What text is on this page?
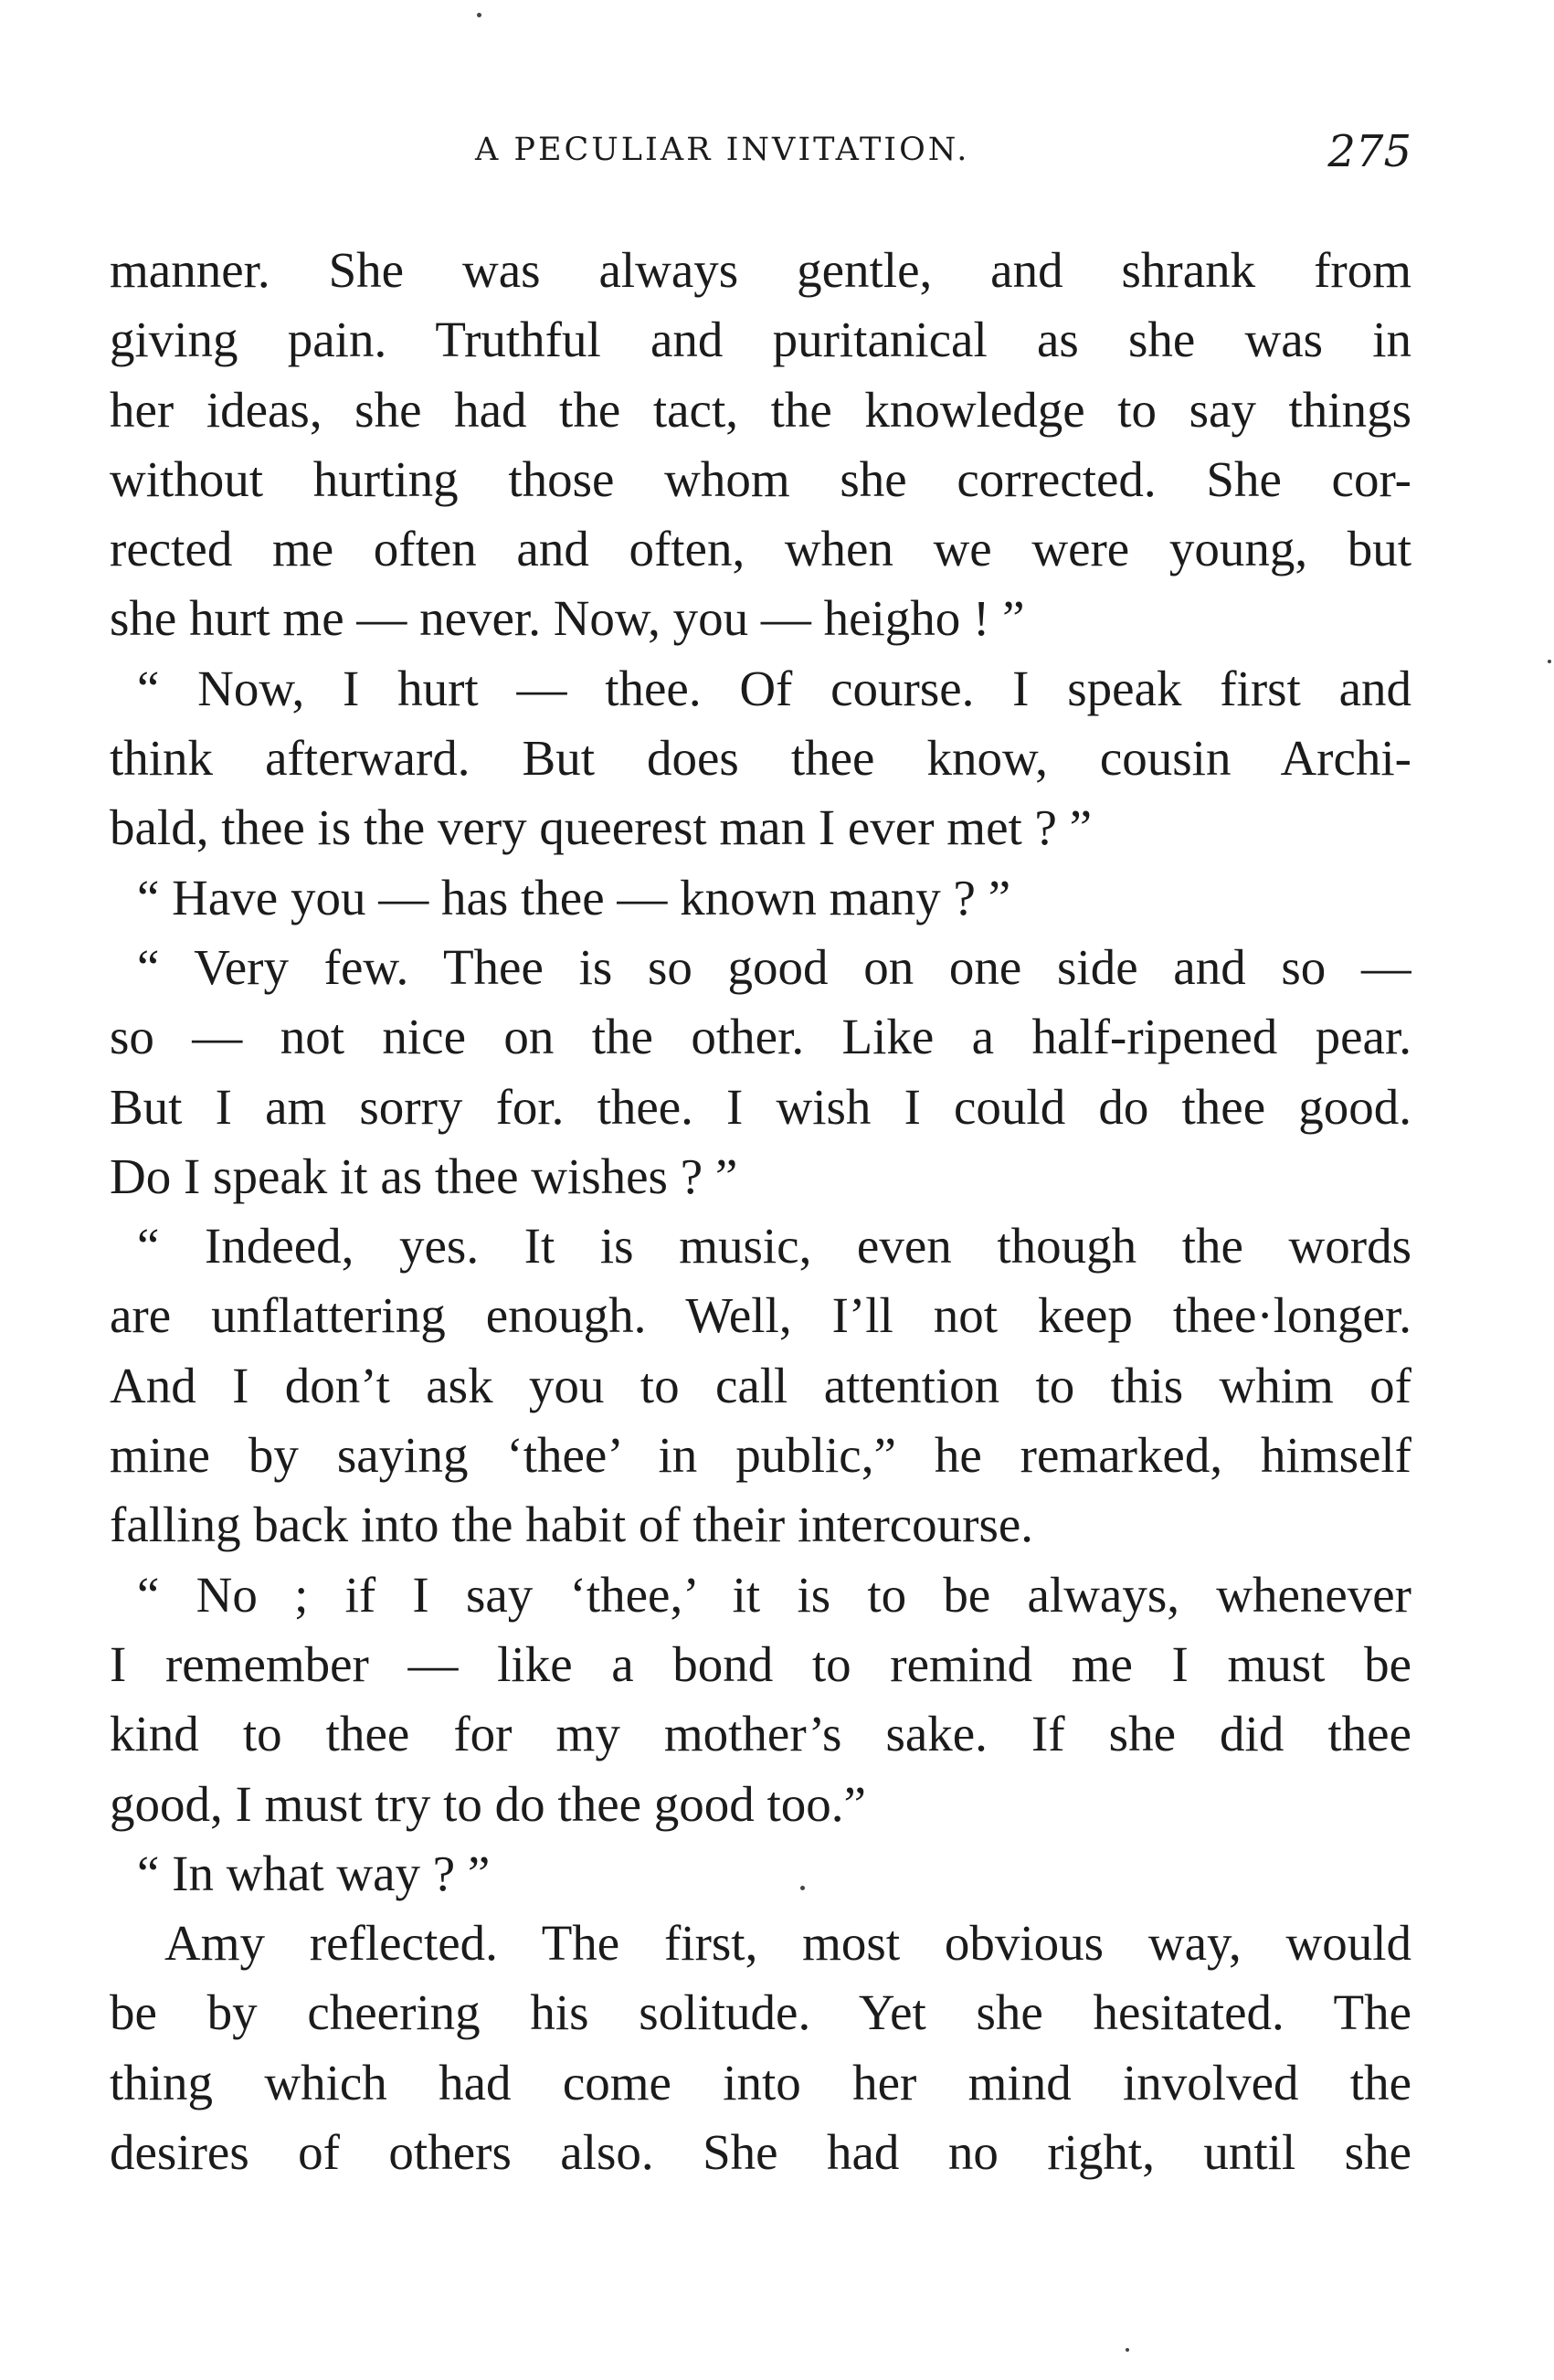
A PECULIAR INVITATION.	275
manner. She was always gentle, and shrank from
giving pain. Truthful and puritanical as she was in
her ideas, she had the tact, the knowledge to say things
without hurting those whom she corrected. She cor-
rected me often and often, when we were young, but
she hurt me — never. Now, you — heigho ! ”
“ Now, I hurt — thee. Of course. I speak first and
think afterward. But does thee know, cousin Archi-
bald, thee is the very queerest man I ever met ? ”
“ Have you — has thee — known many ? ”
“ Very few. Thee is so good on one side and so —
so — not nice on the other. Like a half-ripened pear.
But I am sorry for. thee. I wish I could do thee good.
Do I speak it as thee wishes ? ”
“ Indeed, yes. It is music, even though the words
are unflattering enough. Well, I’ll not keep thee·longer.
And I don’t ask you to call attention to this whim of
mine by saying ‘thee’ in public,” he remarked, himself
falling back into the habit of their intercourse.
“ No ; if I say ‘thee,’ it is to be always, whenever
I remember — like a bond to remind me I must be
kind to thee for my mother’s sake. If she did thee
good, I must try to do thee good too.”
“ In what way ? ”
Amy reflected. The first, most obvious way, would
be by cheering his solitude. Yet she hesitated. The
thing which had come into her mind involved the
desires of others also. She had no right, until she
